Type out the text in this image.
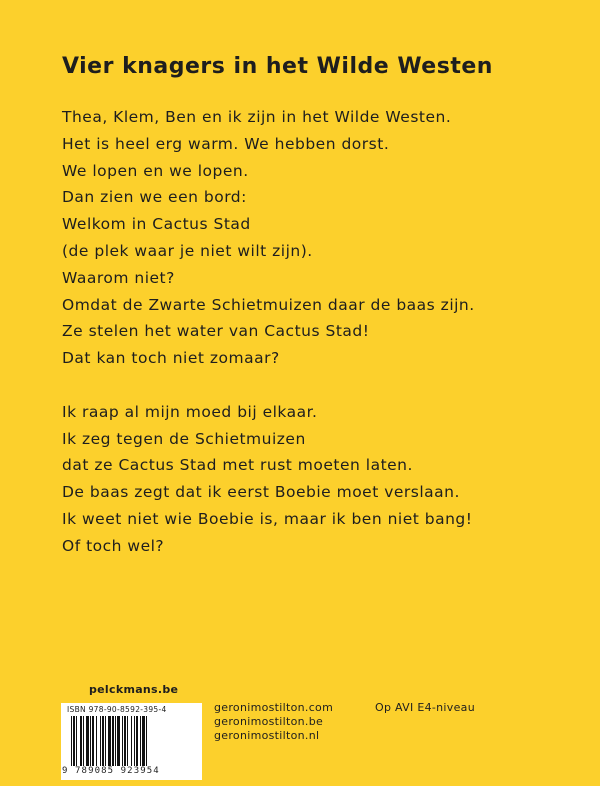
Vier knagers in het Wilde Westen
Thea, Klem, Ben en ik zijn in het Wilde Westen.
Het is heel erg warm. We hebben dorst.
We lopen en we lopen.
Dan zien we een bord:
Welkom in Cactus Stad
(de plek waar je niet wilt zijn).
Waarom niet?
Omdat de Zwarte Schietmuizen daar de baas zijn.
Ze stelen het water van Cactus Stad!
Dat kan toch niet zomaar?
Ik raap al mijn moed bij elkaar.
Ik zeg tegen de Schietmuizen
dat ze Cactus Stad met rust moeten laten.
De baas zegt dat ik eerst Boebie moet verslaan.
Ik weet niet wie Boebie is, maar ik ben niet bang!
Of toch wel?
pelckmans.be
ISBN 978-90-8592-395-4
9 789085 923954
geronimostilton.com
geronimostilton.be
geronimostilton.nl
Op AVI E4-niveau
